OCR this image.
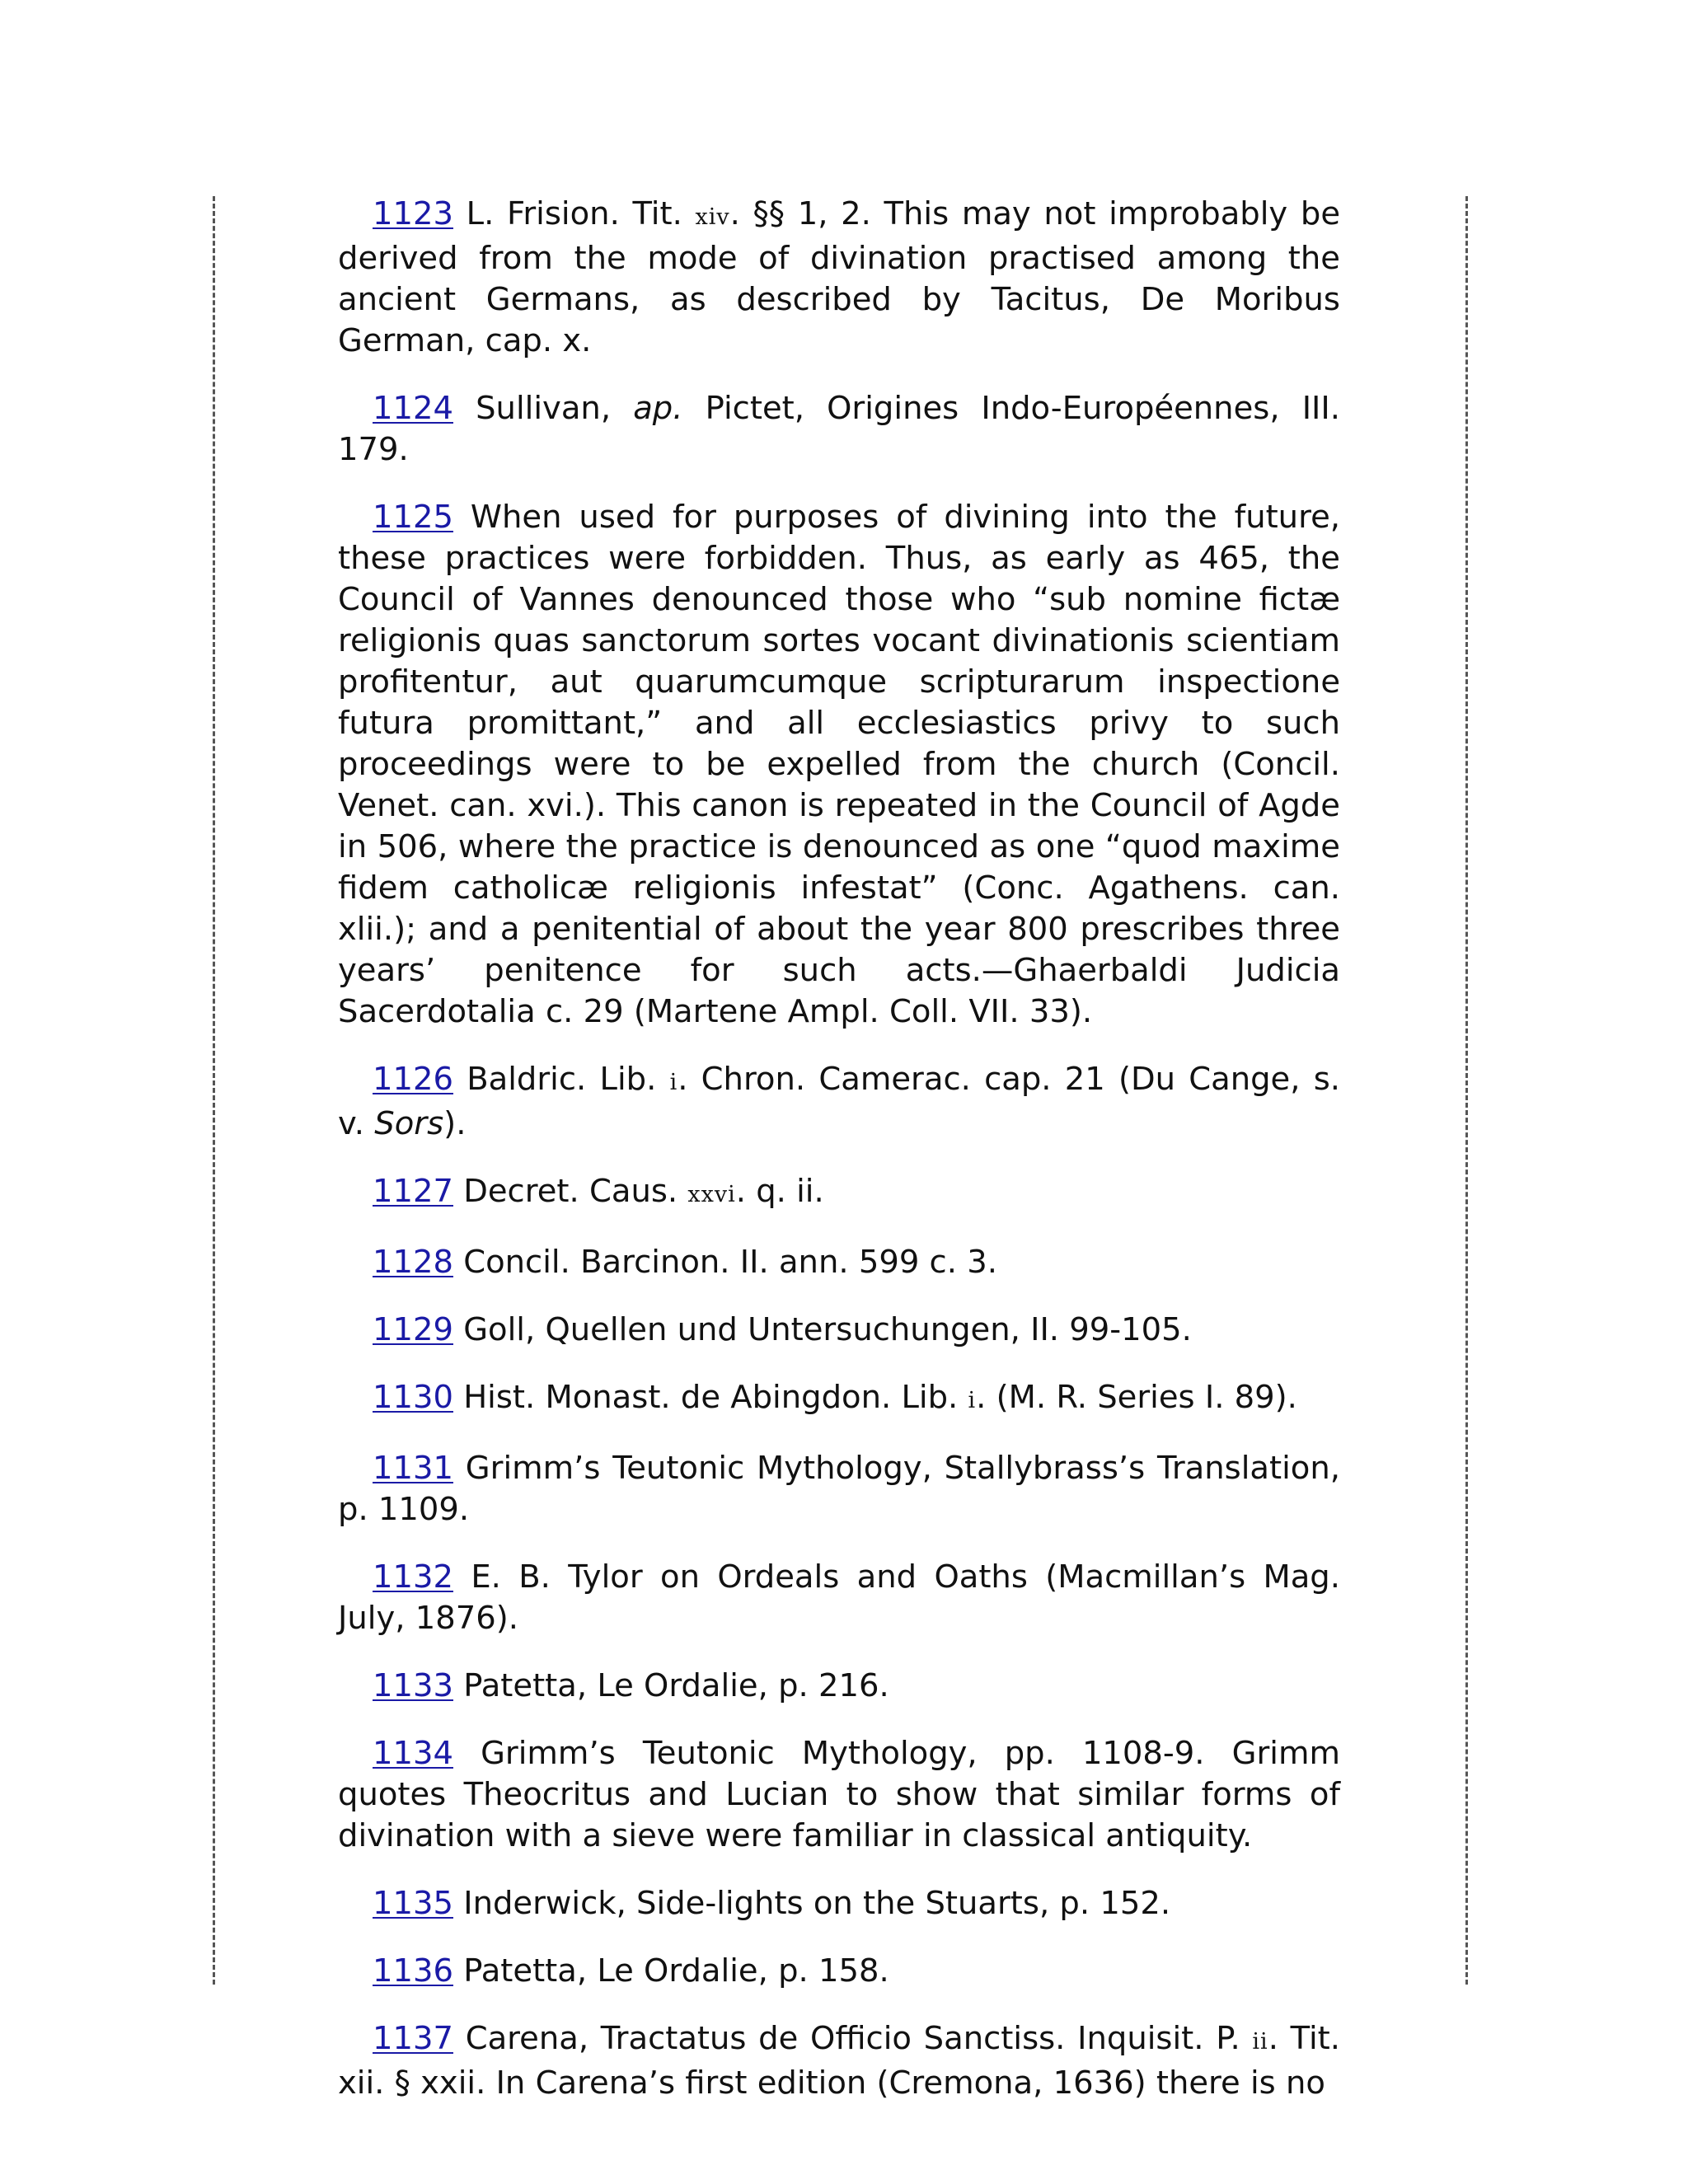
1123 L. Frision. Tit. xiv. §§ 1, 2. This may not improbably be derived from the mode of divination practised among the ancient Germans, as described by Tacitus, De Moribus German, cap. x.

1124 Sullivan, ap. Pictet, Origines Indo-Européennes, III. 179.

1125 When used for purposes of divining into the future, these practices were forbidden. Thus, as early as 465, the Council of Vannes denounced those who “sub nomine fictæ religionis quas sanctorum sortes vocant divinationis scientiam profitentur, aut quarumcumque scripturarum inspectione futura promittant,” and all ecclesiastics privy to such proceedings were to be expelled from the church (Concil. Venet. can. xvi.). This canon is repeated in the Council of Agde in 506, where the practice is denounced as one “quod maxime fidem catholicæ religionis infestat” (Conc. Agathens. can. xlii.); and a penitential of about the year 800 prescribes three years’ penitence for such acts.—Ghaerbaldi Judicia Sacerdotalia c. 29 (Martene Ampl. Coll. VII. 33).

1126 Baldric. Lib. i. Chron. Camerac. cap. 21 (Du Cange, s. v. Sors).

1127 Decret. Caus. xxvi. q. ii.

1128 Concil. Barcinon. II. ann. 599 c. 3.

1129 Goll, Quellen und Untersuchungen, II. 99-105.

1130 Hist. Monast. de Abingdon. Lib. i. (M. R. Series I. 89).

1131 Grimm’s Teutonic Mythology, Stallybrass’s Translation, p. 1109.

1132 E. B. Tylor on Ordeals and Oaths (Macmillan’s Mag. July, 1876).

1133 Patetta, Le Ordalie, p. 216.

1134 Grimm’s Teutonic Mythology, pp. 1108-9. Grimm quotes Theocritus and Lucian to show that similar forms of divination with a sieve were familiar in classical antiquity.

1135 Inderwick, Side-lights on the Stuarts, p. 152.

1136 Patetta, Le Ordalie, p. 158.

1137 Carena, Tractatus de Officio Sanctiss. Inquisit. P. ii. Tit. xii. § xxii. In Carena’s first edition (Cremona, 1636) there is no
